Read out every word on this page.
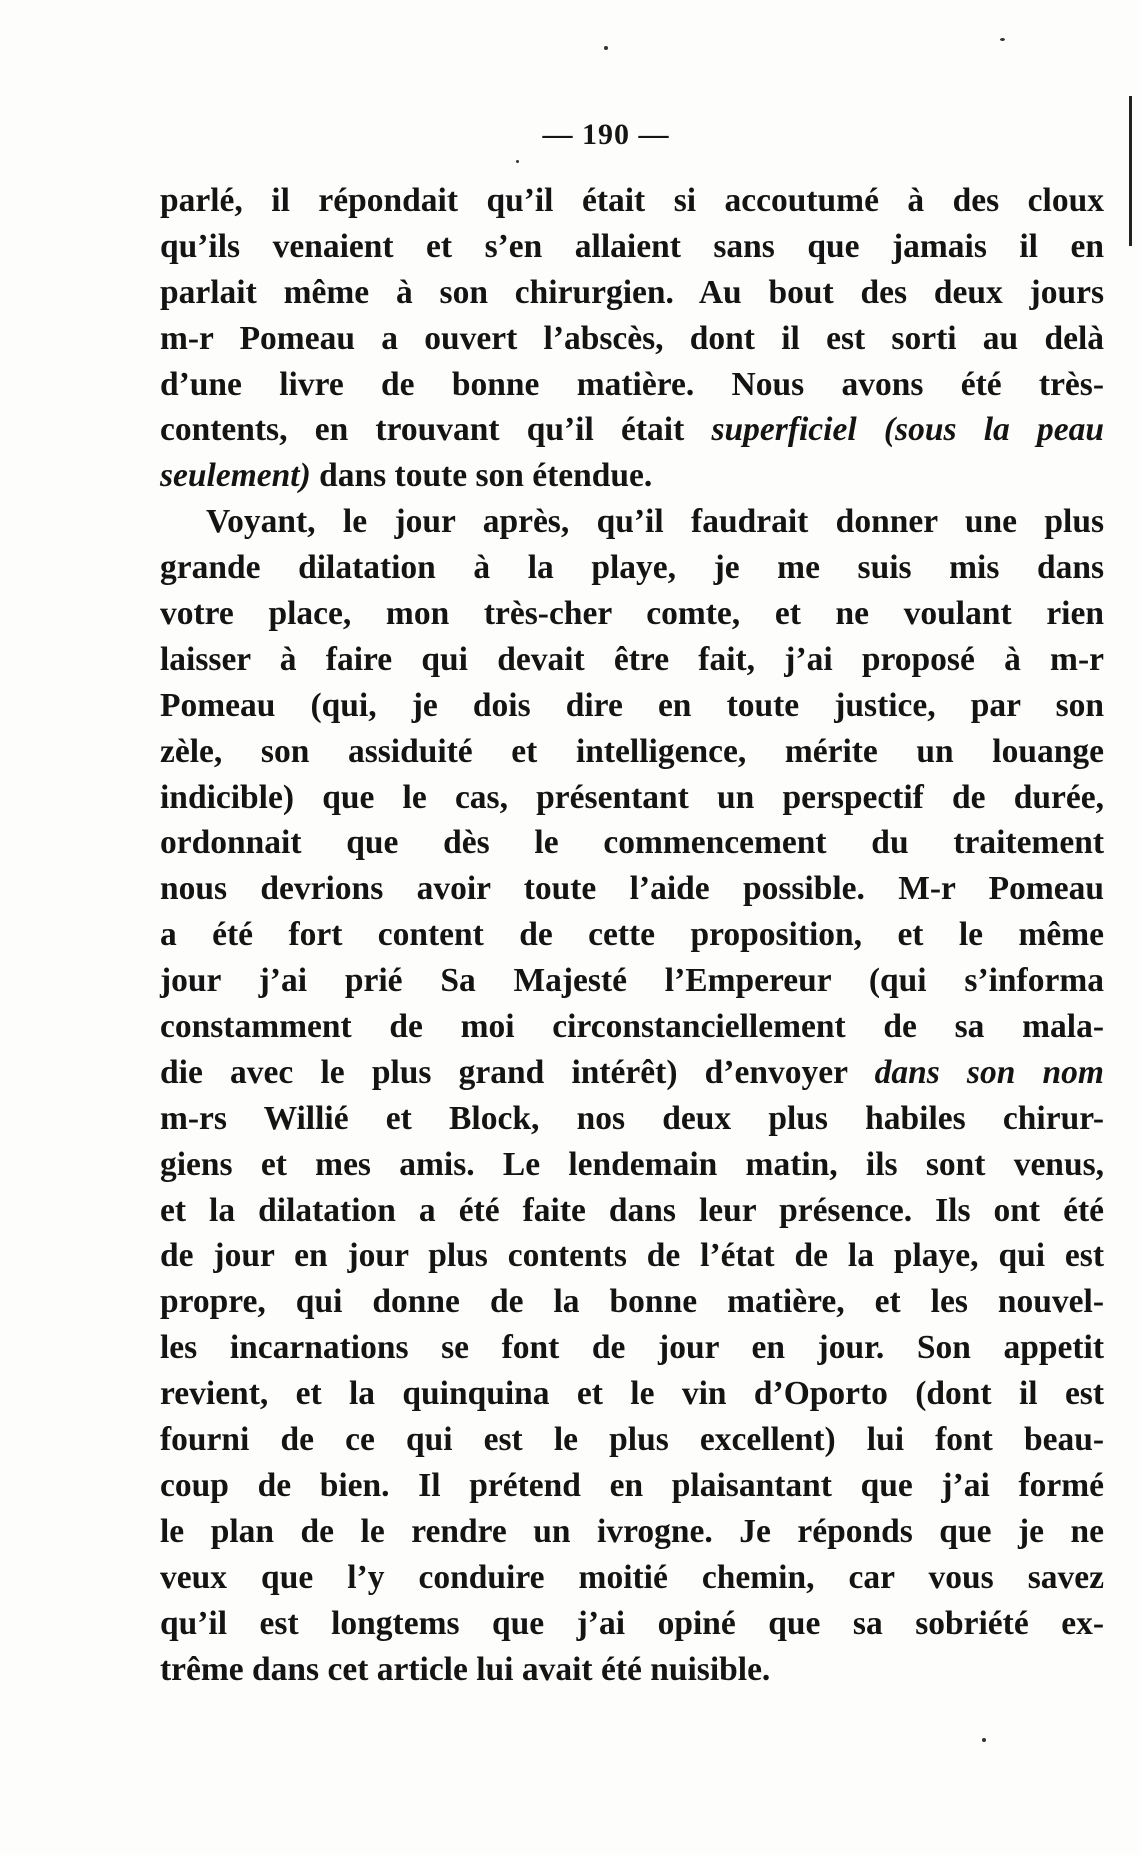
— 190 —
parlé, il répondait qu’il était si accoutumé à des cloux
qu’ils venaient et s’en allaient sans que jamais il en
parlait même à son chirurgien. Au bout des deux jours
m-r Pomeau a ouvert l’abscès, dont il est sorti au delà
d’une livre de bonne matière. Nous avons été très-
contents, en trouvant qu’il était superficiel (sous la peau
seulement) dans toute son étendue.
Voyant, le jour après, qu’il faudrait donner une plus
grande dilatation à la playe, je me suis mis dans
votre place, mon très-cher comte, et ne voulant rien
laisser à faire qui devait être fait, j’ai proposé à m-r
Pomeau (qui, je dois dire en toute justice, par son
zèle, son assiduité et intelligence, mérite un louange
indicible) que le cas, présentant un perspectif de durée,
ordonnait que dès le commencement du traitement
nous devrions avoir toute l’aide possible. M-r Pomeau
a été fort content de cette proposition, et le même
jour j’ai prié Sa Majesté l’Empereur (qui s’informa
constamment de moi circonstanciellement de sa mala-
die avec le plus grand intérêt) d’envoyer dans son nom
m-rs Willié et Block, nos deux plus habiles chirur-
giens et mes amis. Le lendemain matin, ils sont venus,
et la dilatation a été faite dans leur présence. Ils ont été
de jour en jour plus contents de l’état de la playe, qui est
propre, qui donne de la bonne matière, et les nouvel-
les incarnations se font de jour en jour. Son appetit
revient, et la quinquina et le vin d’Oporto (dont il est
fourni de ce qui est le plus excellent) lui font beau-
coup de bien. Il prétend en plaisantant que j’ai formé
le plan de le rendre un ivrogne. Je réponds que je ne
veux que l’y conduire moitié chemin, car vous savez
qu’il est longtems que j’ai opiné que sa sobriété ex-
trême dans cet article lui avait été nuisible.
